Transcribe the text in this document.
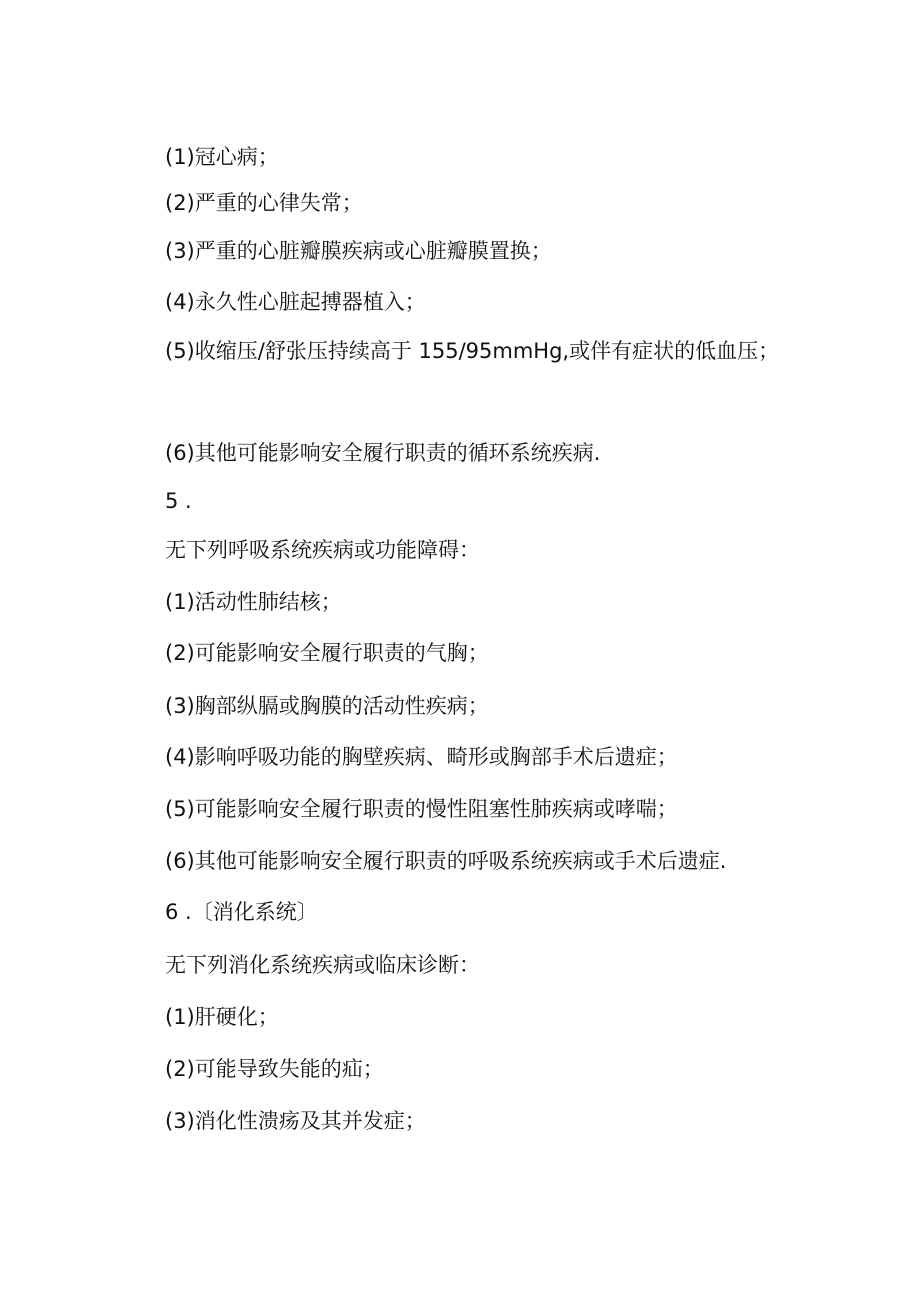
(1)冠心病；

(2)严重的心律失常；

(3)严重的心脏瓣膜疾病或心脏瓣膜置换；

(4)永久性心脏起搏器植入；

(5)收缩压/舒张压持续高于 155/95mmHg,或伴有症状的低血压；

(6)其他可能影响安全履行职责的循环系统疾病.

5 .

无下列呼吸系统疾病或功能障碍：

(1)活动性肺结核；

(2)可能影响安全履行职责的气胸；

(3)胸部纵膈或胸膜的活动性疾病；

(4)影响呼吸功能的胸壁疾病、畸形或胸部手术后遗症；

(5)可能影响安全履行职责的慢性阻塞性肺疾病或哮喘；

(6)其他可能影响安全履行职责的呼吸系统疾病或手术后遗症.

6 .〔消化系统〕

无下列消化系统疾病或临床诊断：

(1)肝硬化；

(2)可能导致失能的疝；

(3)消化性溃疡及其并发症；
